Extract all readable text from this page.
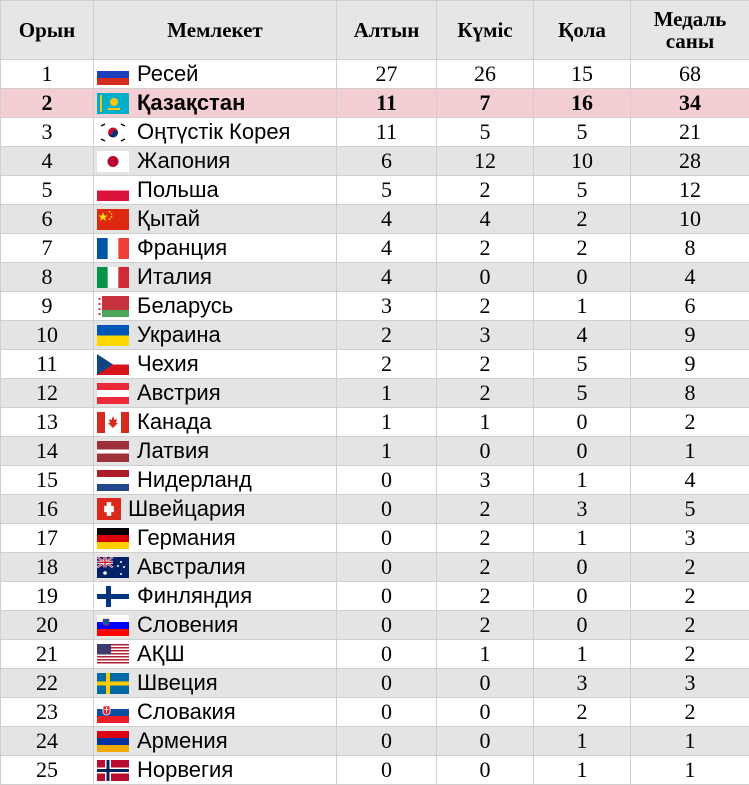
Орын	Мемлекет	Алтын	Күміс	Қола	Медаль
саны

1	Ресей	27	26	15	68
2	Қазақстан	11	7	16	34
3	Оңтүстік Корея	11	5	5	21
4	Жапония	6	12	10	28
5	Польша	5	2	5	12
6	Қытай	4	4	2	10
7	Франция	4	2	2	8
8	Италия	4	0	0	4
9	Беларусь	3	2	1	6
10	Украина	2	3	4	9
11	Чехия	2	2	5	9
12	Австрия	1	2	5	8
13	Канада	1	1	0	2
14	Латвия	1	0	0	1
15	Нидерланд	0	3	1	4
16	Швейцария	0	2	3	5
17	Германия	0	2	1	3
18	Австралия	0	2	0	2
19	Финляндия	0	2	0	2
20	Словения	0	2	0	2
21	АҚШ	0	1	1	2
22	Швеция	0	0	3	3
23	Словакия	0	0	2	2
24	Армения	0	0	1	1
25	Норвегия	0	0	1	1
